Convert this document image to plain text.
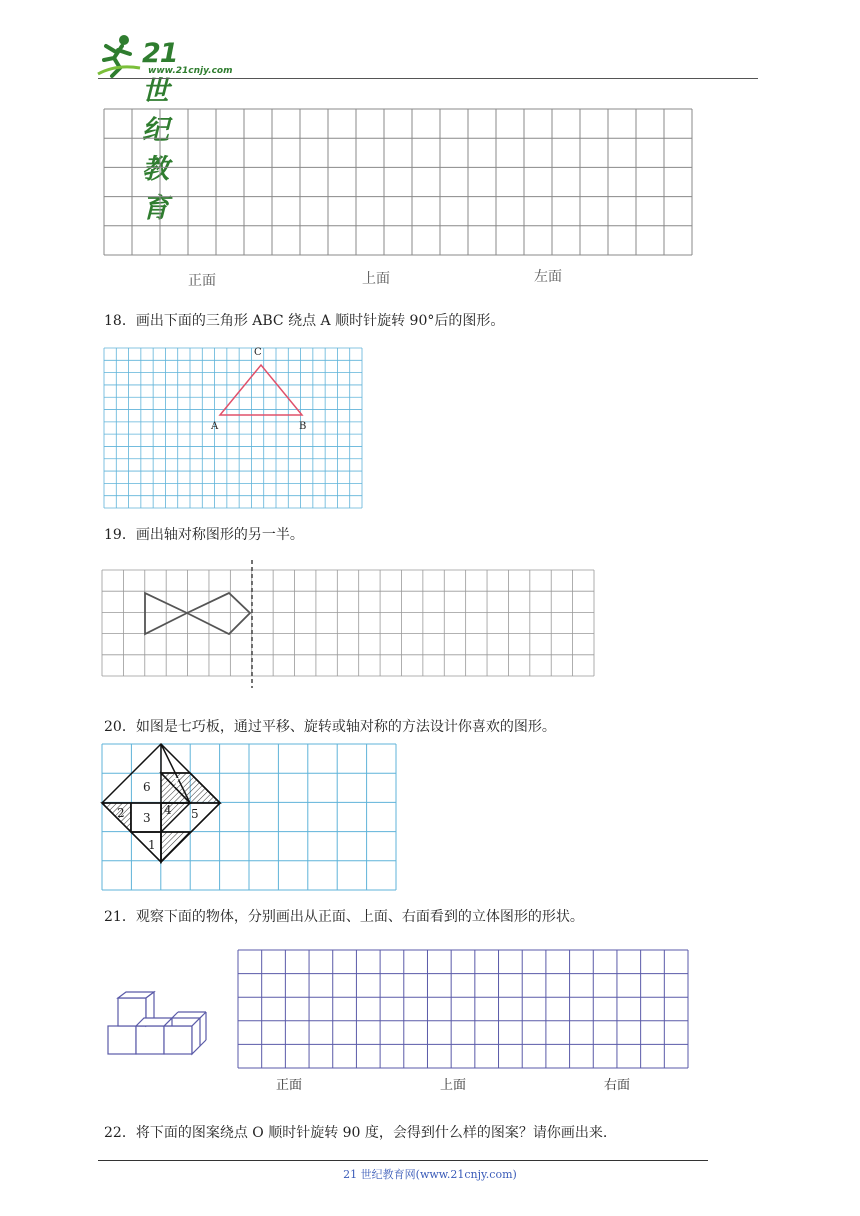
21世纪教育
www.21cnjy.com
正面	上面	左面
18．画出下面的三角形 ABC 绕点 A 顺时针旋转 90°后的图形。
A	B
C
19．画出轴对称图形的另一半。
20．如图是七巧板，通过平移、旋转或轴对称的方法设计你喜欢的图形。
6 7
2	4
3	5
1
21．观察下面的物体，分别画出从正面、上面、右面看到的立体图形的形状。
正面	上面	右面
22．将下面的图案绕点 O 顺时针旋转 90 度，会得到什么样的图案？请你画出来.
21 世纪教育网(www.21cnjy.com)
